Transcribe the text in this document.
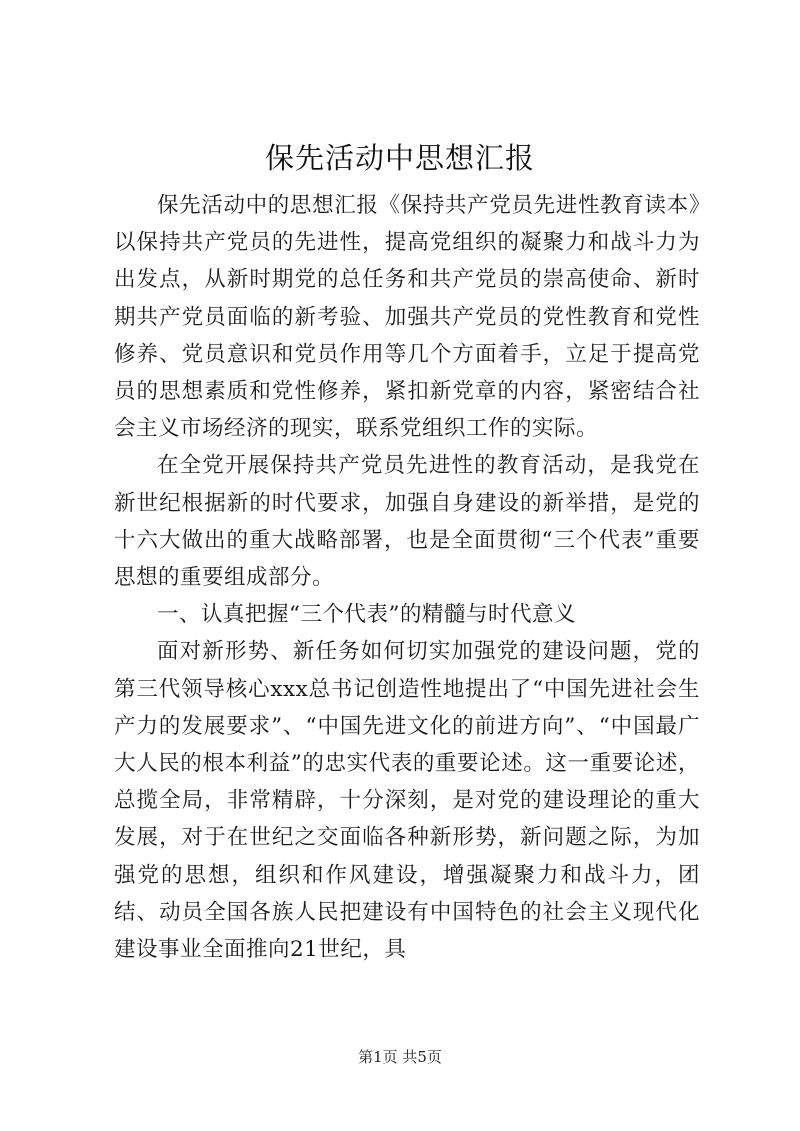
保先活动中思想汇报

保先活动中的思想汇报《保持共产党员先进性教育读本》以保持共产党员的先进性，提高党组织的凝聚力和战斗力为出发点，从新时期党的总任务和共产党员的崇高使命、新时期共产党员面临的新考验、加强共产党员的党性教育和党性修养、党员意识和党员作用等几个方面着手，立足于提高党员的思想素质和党性修养，紧扣新党章的内容，紧密结合社会主义市场经济的现实，联系党组织工作的实际。

在全党开展保持共产党员先进性的教育活动，是我党在新世纪根据新的时代要求，加强自身建设的新举措，是党的十六大做出的重大战略部署，也是全面贯彻“三个代表”重要思想的重要组成部分。

一、认真把握“三个代表”的精髓与时代意义

面对新形势、新任务如何切实加强党的建设问题，党的第三代领导核心xxx总书记创造性地提出了“中国先进社会生产力的发展要求”、“中国先进文化的前进方向”、“中国最广大人民的根本利益”的忠实代表的重要论述。这一重要论述，总揽全局，非常精辟，十分深刻，是对党的建设理论的重大发展，对于在世纪之交面临各种新形势，新问题之际，为加强党的思想，组织和作风建设，增强凝聚力和战斗力，团结、动员全国各族人民把建设有中国特色的社会主义现代化建设事业全面推向21世纪，具

第1页 共5页
